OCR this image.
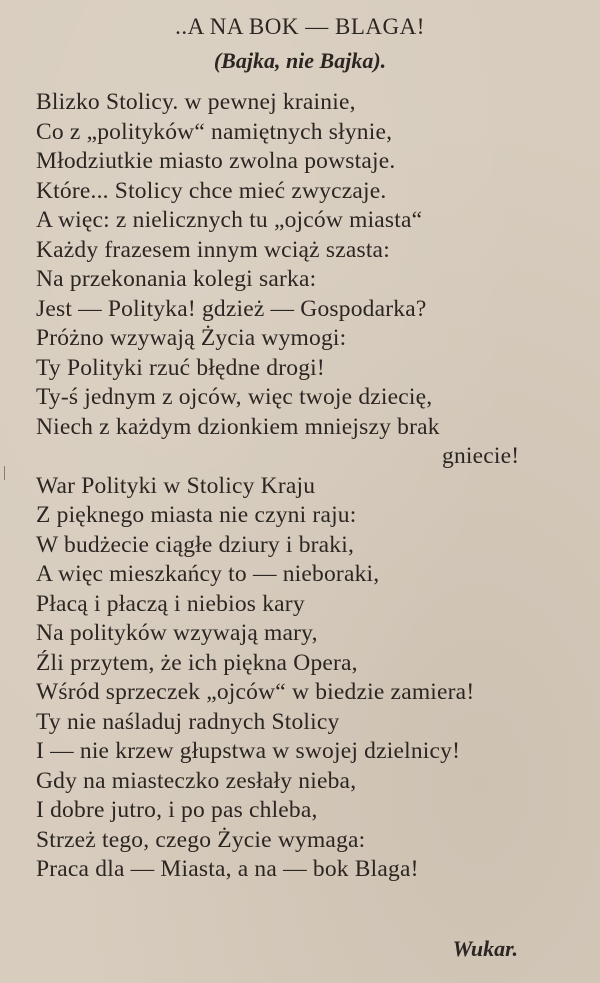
..A NA BOK — BLAGA!
(Bajka, nie Bajka).
Blizko Stolicy. w pewnej krainie,
Co z „polityków“ namiętnych słynie,
Młodziutkie miasto zwolna powstaje.
Które... Stolicy chce mieć zwyczaje.
A więc: z nielicznych tu „ojców miasta“
Każdy frazesem innym wciąż szasta:
Na przekonania kolegi sarka:
Jest — Polityka! gdzież — Gospodarka?
Próżno wzywają Życia wymogi:
Ty Polityki rzuć błędne drogi!
Ty-ś jednym z ojców, więc twoje dziecię,
Niech z każdym dzionkiem mniejszy brak
gniecie!
War Polityki w Stolicy Kraju
Z pięknego miasta nie czyni raju:
W budżecie ciągłe dziury i braki,
A więc mieszkańcy to — nieboraki,
Płacą i płaczą i niebios kary
Na polityków wzywają mary,
Źli przytem, że ich piękna Opera,
Wśród sprzeczek „ojców“ w biedzie zamiera!
Ty nie naśladuj radnych Stolicy
I — nie krzew głupstwa w swojej dzielnicy!
Gdy na miasteczko zesłały nieba,
I dobre jutro, i po pas chleba,
Strzeż tego, czego Życie wymaga:
Praca dla — Miasta, a na — bok Blaga!
Wukar.
